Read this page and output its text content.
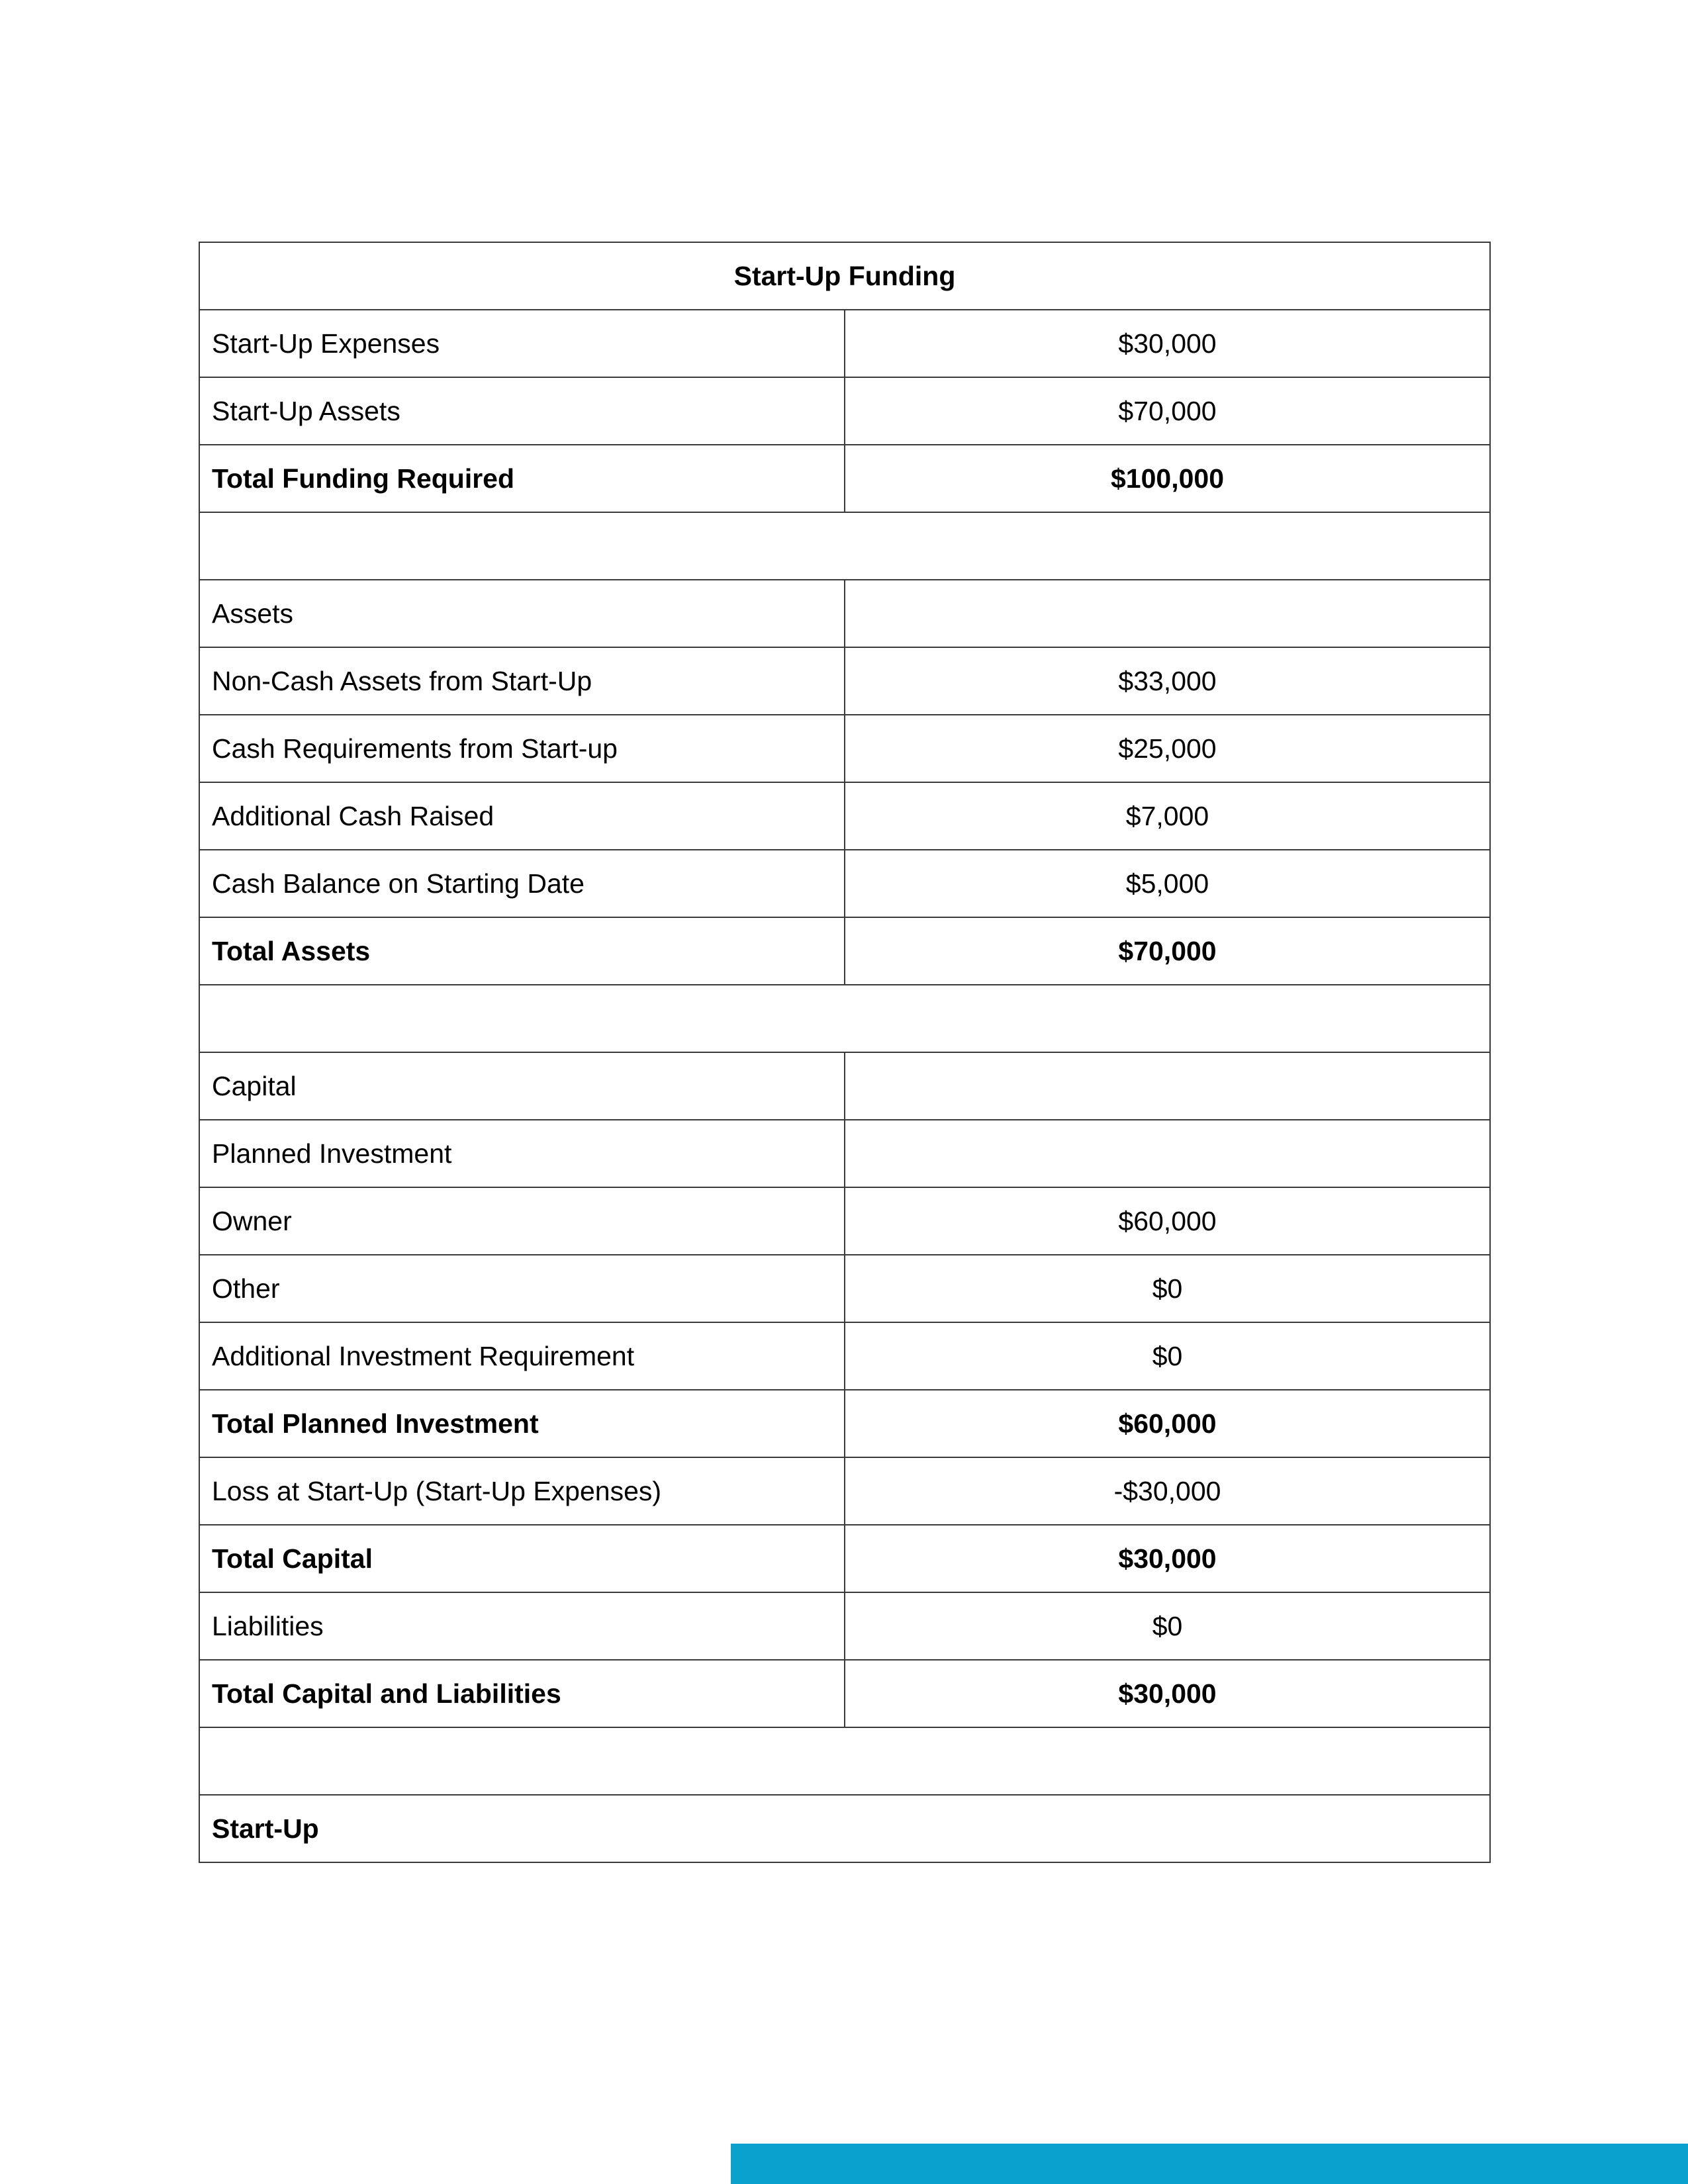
Start-Up Funding	
Start-Up Expenses	$30,000
Start-Up Assets	$70,000
Total Funding Required	$100,000

Assets	
Non-Cash Assets from Start-Up	$33,000
Cash Requirements from Start-up	$25,000
Additional Cash Raised	$7,000
Cash Balance on Starting Date	$5,000
Total Assets	$70,000

Capital	
Planned Investment	
Owner	$60,000
Other	$0
Additional Investment Requirement	$0
Total Planned Investment	$60,000
Loss at Start-Up (Start-Up Expenses)	-$30,000
Total Capital	$30,000
Liabilities	$0
Total Capital and Liabilities	$30,000

Start-Up	
